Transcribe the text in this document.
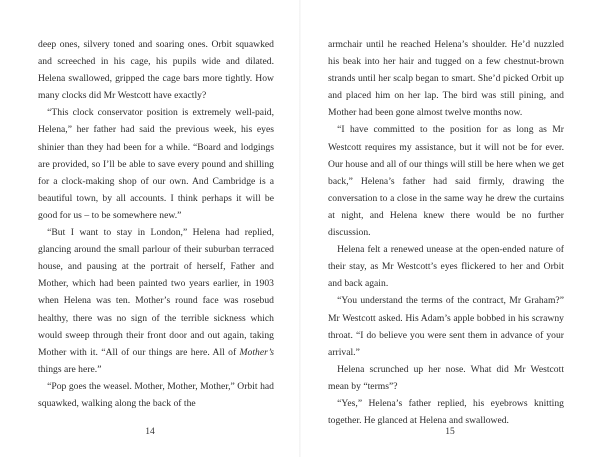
deep ones, silvery toned and soaring ones. Orbit squawked and screeched in his cage, his pupils wide and dilated. Helena swallowed, gripped the cage bars more tightly. How many clocks did Mr Westcott have exactly?

“This clock conservator position is extremely well-paid, Helena,” her father had said the previous week, his eyes shinier than they had been for a while. “Board and lodgings are provided, so I’ll be able to save every pound and shilling for a clock-making shop of our own. And Cambridge is a beautiful town, by all accounts. I think perhaps it will be good for us – to be somewhere new.”

“But I want to stay in London,” Helena had replied, glancing around the small parlour of their suburban terraced house, and pausing at the portrait of herself, Father and Mother, which had been painted two years earlier, in 1903 when Helena was ten. Mother’s round face was rosebud healthy, there was no sign of the terrible sickness which would sweep through their front door and out again, taking Mother with it. “All of our things are here. All of Mother’s things are here.”

“Pop goes the weasel. Mother, Mother, Mother,” Orbit had squawked, walking along the back of the

14

armchair until he reached Helena’s shoulder. He’d nuzzled his beak into her hair and tugged on a few chestnut-brown strands until her scalp began to smart. She’d picked Orbit up and placed him on her lap. The bird was still pining, and Mother had been gone almost twelve months now.

“I have committed to the position for as long as Mr Westcott requires my assistance, but it will not be for ever. Our house and all of our things will still be here when we get back,” Helena’s father had said firmly, drawing the conversation to a close in the same way he drew the curtains at night, and Helena knew there would be no further discussion.

Helena felt a renewed unease at the open-ended nature of their stay, as Mr Westcott’s eyes flickered to her and Orbit and back again.

“You understand the terms of the contract, Mr Graham?” Mr Westcott asked. His Adam’s apple bobbed in his scrawny throat. “I do believe you were sent them in advance of your arrival.”

Helena scrunched up her nose. What did Mr Westcott mean by “terms”?

“Yes,” Helena’s father replied, his eyebrows knitting together. He glanced at Helena and swallowed.

15
